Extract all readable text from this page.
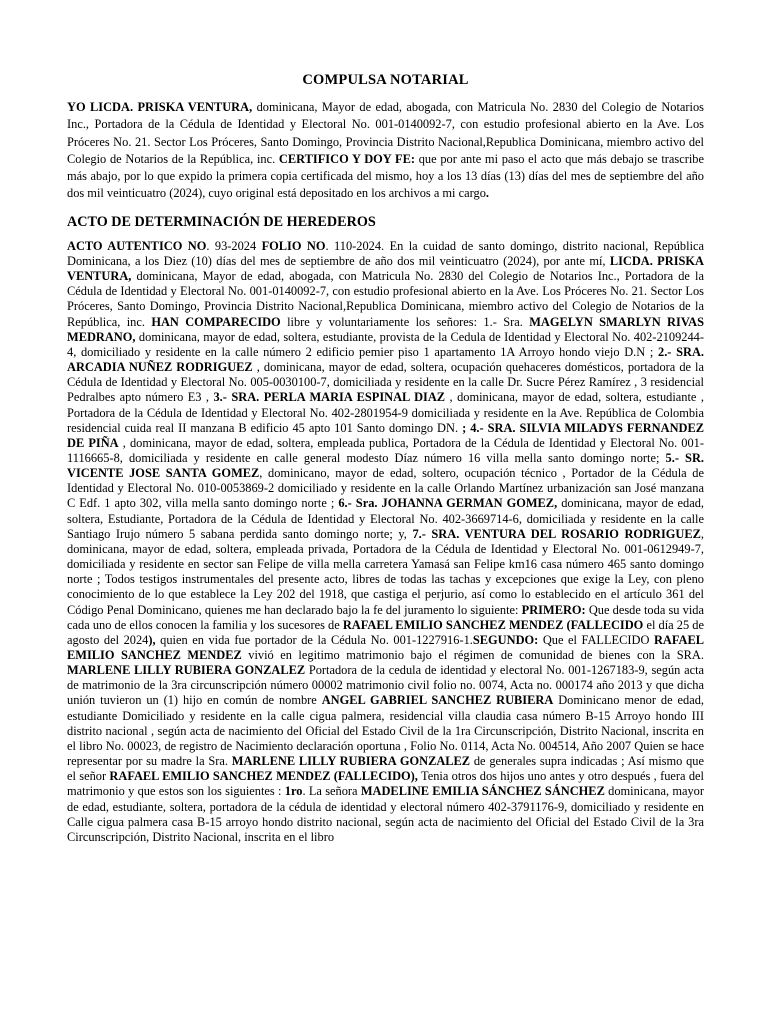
COMPULSA NOTARIAL

YO LICDA. PRISKA VENTURA, dominicana, Mayor de edad, abogada, con Matricula No. 2830 del Colegio de Notarios Inc., Portadora de la Cédula de Identidad y Electoral No. 001-0140092-7, con estudio profesional abierto en la Ave. Los Próceres No. 21. Sector Los Próceres, Santo Domingo, Provincia Distrito Nacional,Republica Dominicana, miembro activo del Colegio de Notarios de la República, inc. CERTIFICO Y DOY FE: que por ante mi paso el acto que más debajo se trascribe más abajo, por lo que expido la primera copia certificada del mismo, hoy a los 13 días (13) días del mes de septiembre del año dos mil veinticuatro (2024), cuyo original está depositado en los archivos a mi cargo.

ACTO DE DETERMINACIÓN DE HEREDEROS

ACTO AUTENTICO NO. 93-2024 FOLIO NO. 110-2024. En la cuidad de santo domingo, distrito nacional, República Dominicana, a los Diez (10) días del mes de septiembre de año dos mil veinticuatro (2024), por ante mí, LICDA. PRISKA VENTURA, dominicana, Mayor de edad, abogada, con Matricula No. 2830 del Colegio de Notarios Inc., Portadora de la Cédula de Identidad y Electoral No. 001-0140092-7, con estudio profesional abierto en la Ave. Los Próceres No. 21. Sector Los Próceres, Santo Domingo, Provincia Distrito Nacional,Republica Dominicana, miembro activo del Colegio de Notarios de la República, inc. HAN COMPARECIDO libre y voluntariamente los señores: 1.- Sra. MAGELYN SMARLYN RIVAS MEDRANO, dominicana, mayor de edad, soltera, estudiante, provista de la Cedula de Identidad y Electoral No. 402-2109244-4, domiciliado y residente en la calle número 2 edificio pemier piso 1 apartamento 1A Arroyo hondo viejo D.N ; 2.- SRA. ARCADIA NUÑEZ RODRIGUEZ , dominicana, mayor de edad, soltera, ocupación quehaceres domésticos, portadora de la Cédula de Identidad y Electoral No. 005-0030100-7, domiciliada y residente en la calle Dr. Sucre Pérez Ramírez , 3 residencial Pedralbes apto número E3 , 3.- SRA. PERLA MARIA ESPINAL DIAZ , dominicana, mayor de edad, soltera, estudiante , Portadora de la Cédula de Identidad y Electoral No. 402-2801954-9 domiciliada y residente en la Ave. República de Colombia residencial cuida real II manzana B edificio 45 apto 101 Santo domingo DN. ; 4.- SRA. SILVIA MILADYS FERNANDEZ DE PIÑA , dominicana, mayor de edad, soltera, empleada publica, Portadora de la Cédula de Identidad y Electoral No. 001-1116665-8, domiciliada y residente en calle general modesto Díaz número 16 villa mella santo domingo norte; 5.- SR. VICENTE JOSE SANTA GOMEZ, dominicano, mayor de edad, soltero, ocupación técnico , Portador de la Cédula de Identidad y Electoral No. 010-0053869-2 domiciliado y residente en la calle Orlando Martínez urbanización san José manzana C Edf. 1 apto 302, villa mella santo domingo norte ; 6.- Sra. JOHANNA GERMAN GOMEZ, dominicana, mayor de edad, soltera, Estudiante, Portadora de la Cédula de Identidad y Electoral No. 402-3669714-6, domiciliada y residente en la calle Santiago Irujo número 5 sabana perdida santo domingo norte; y, 7.- SRA. VENTURA DEL ROSARIO RODRIGUEZ, dominicana, mayor de edad, soltera, empleada privada, Portadora de la Cédula de Identidad y Electoral No. 001-0612949-7, domiciliada y residente en sector san Felipe de villa mella carretera Yamasá san Felipe km16 casa número 465 santo domingo norte ; Todos testigos instrumentales del presente acto, libres de todas las tachas y excepciones que exige la Ley, con pleno conocimiento de lo que establece la Ley 202 del 1918, que castiga el perjurio, así como lo establecido en el artículo 361 del Código Penal Dominicano, quienes me han declarado bajo la fe del juramento lo siguiente: PRIMERO: Que desde toda su vida cada uno de ellos conocen la familia y los sucesores de RAFAEL EMILIO SANCHEZ MENDEZ (FALLECIDO el día 25 de agosto del 2024), quien en vida fue portador de la Cédula No. 001-1227916-1.SEGUNDO: Que el FALLECIDO RAFAEL EMILIO SANCHEZ MENDEZ vivió en legitimo matrimonio bajo el régimen de comunidad de bienes con la SRA. MARLENE LILLY RUBIERA GONZALEZ Portadora de la cedula de identidad y electoral No. 001-1267183-9, según acta de matrimonio de la 3ra circunscripción número 00002 matrimonio civil folio no. 0074, Acta no. 000174 año 2013 y que dicha unión tuvieron un (1) hijo en común de nombre ANGEL GABRIEL SANCHEZ RUBIERA Dominicano menor de edad, estudiante Domiciliado y residente en la calle cigua palmera, residencial villa claudia casa número B-15 Arroyo hondo III distrito nacional , según acta de nacimiento del Oficial del Estado Civil de la 1ra Circunscripción, Distrito Nacional, inscrita en el libro No. 00023, de registro de Nacimiento declaración oportuna , Folio No. 0114, Acta No. 004514, Año 2007 Quien se hace representar por su madre la Sra. MARLENE LILLY RUBIERA GONZALEZ de generales supra indicadas ; Así mismo que el señor RAFAEL EMILIO SANCHEZ MENDEZ (FALLECIDO), Tenia otros dos hijos uno antes y otro después , fuera del matrimonio y que estos son los siguientes : 1ro. La señora MADELINE EMILIA SÁNCHEZ SÁNCHEZ dominicana, mayor de edad, estudiante, soltera, portadora de la cédula de identidad y electoral número 402-3791176-9, domiciliado y residente en Calle cigua palmera casa B-15 arroyo hondo distrito nacional, según acta de nacimiento del Oficial del Estado Civil de la 3ra Circunscripción, Distrito Nacional, inscrita en el libro
